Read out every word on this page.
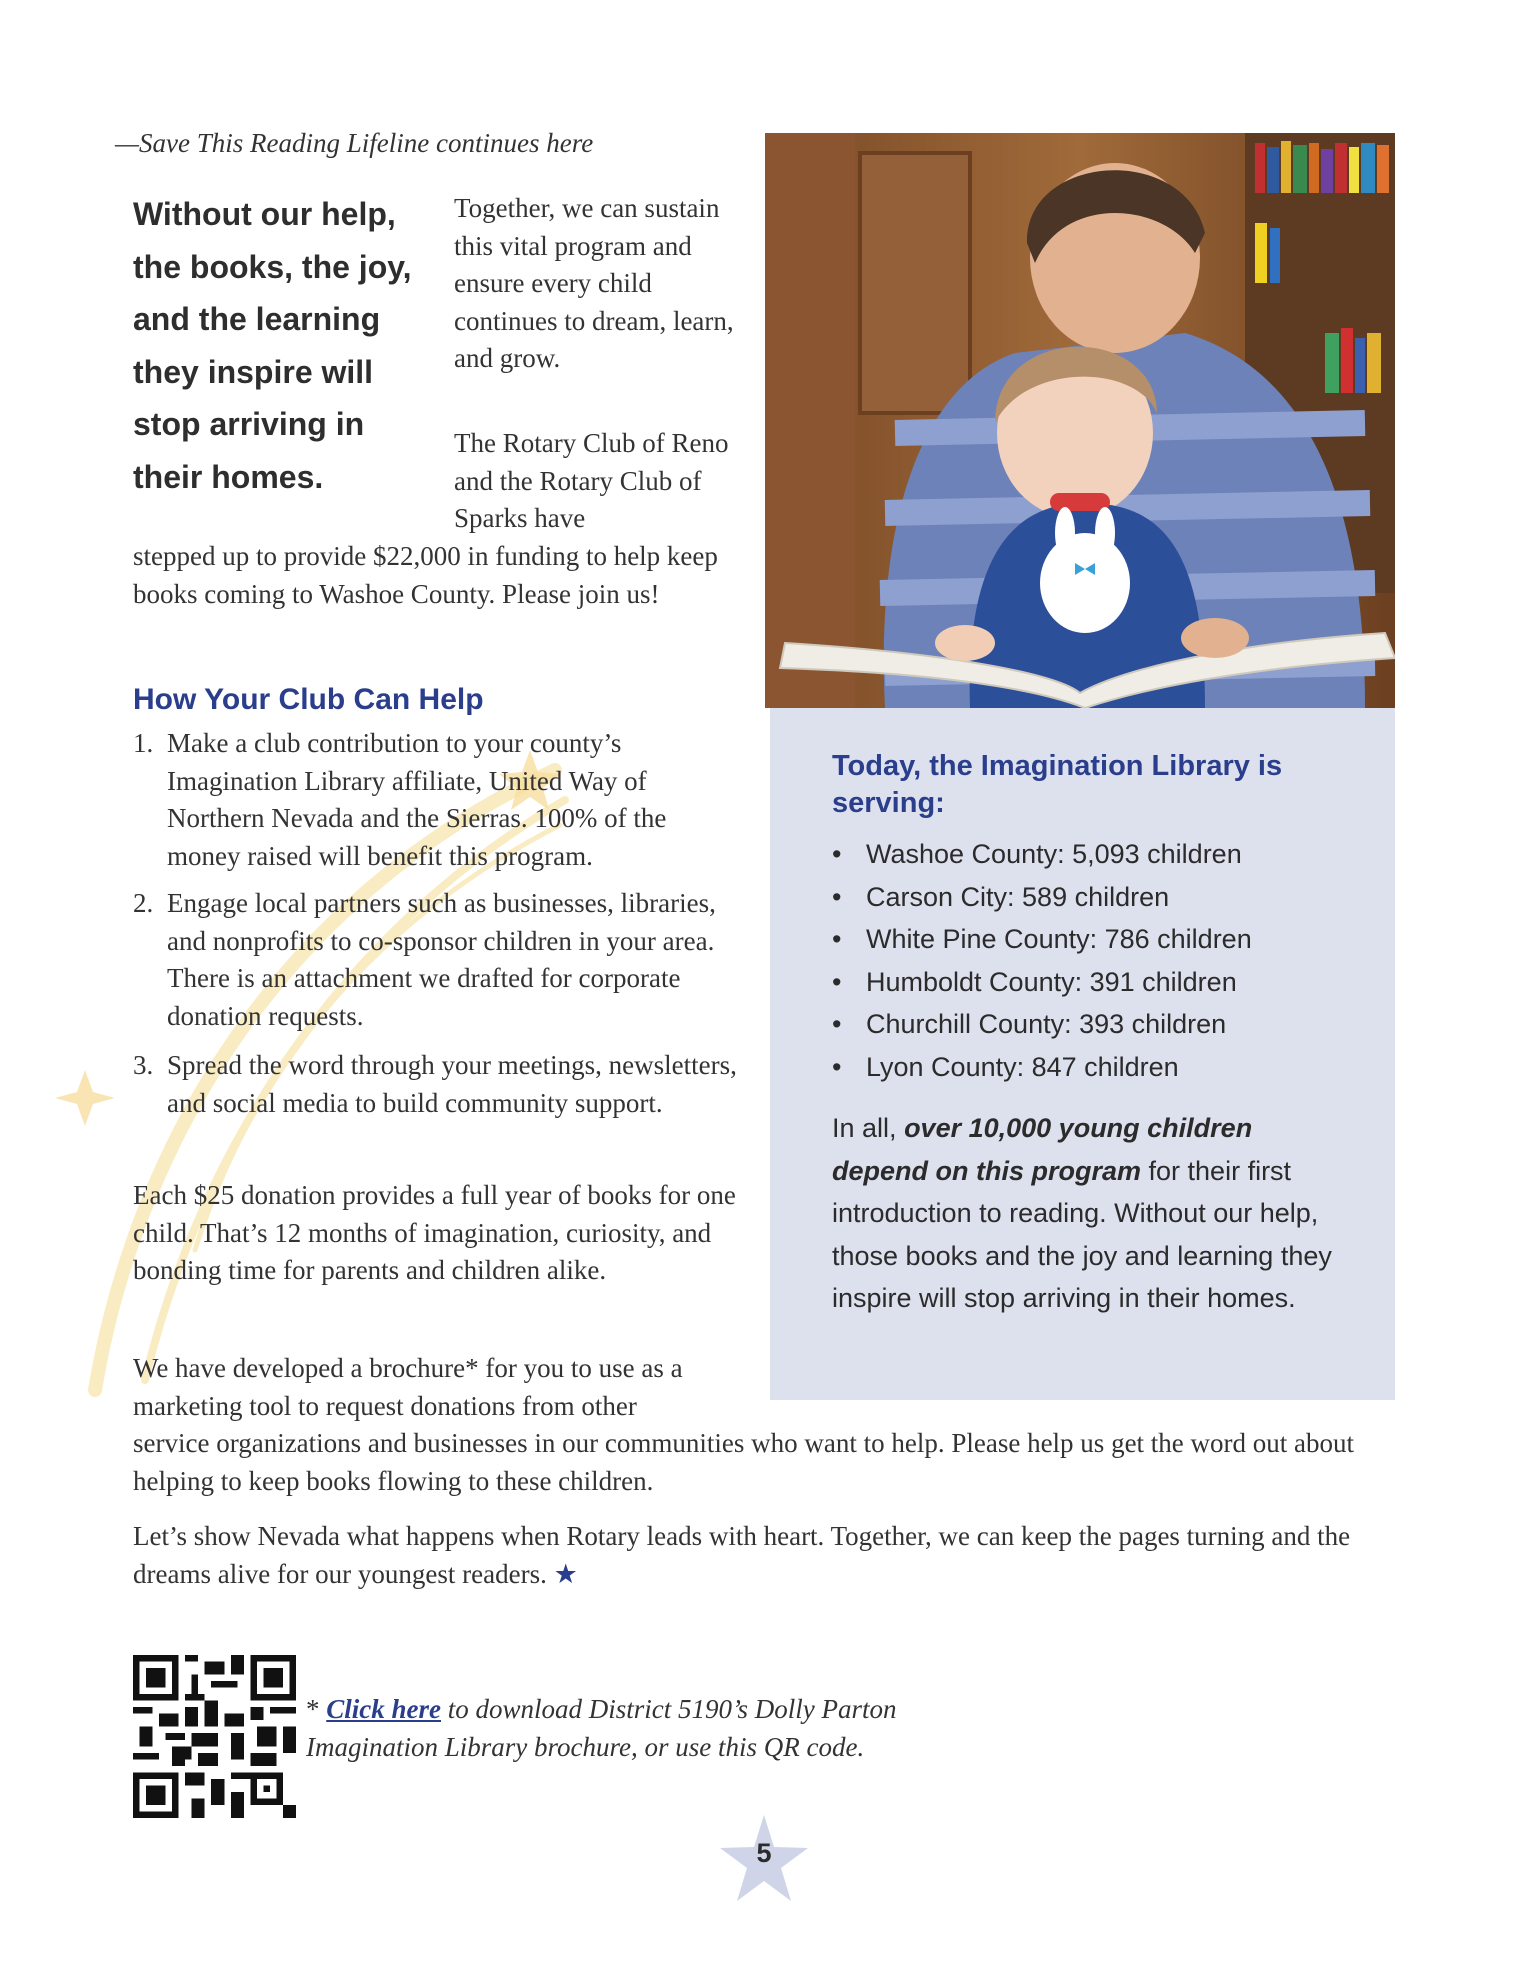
—Save This Reading Lifeline continues here
Without our help, the books, the joy, and the learning they inspire will stop arriving in their homes.

Together, we can sustain this vital program and ensure every child continues to dream, learn, and grow.

The Rotary Club of Reno and the Rotary Club of Sparks have

stepped up to provide $22,000 in funding to help keep books coming to Washoe County. Please join us!

How Your Club Can Help
1. Make a club contribution to your county’s Imagination Library affiliate, United Way of Northern Nevada and the Sierras. 100% of the money raised will benefit this program.
2. Engage local partners such as businesses, libraries, and nonprofits to co-sponsor children in your area. There is an attachment we drafted for corporate donation requests.
3. Spread the word through your meetings, newsletters, and social media to build community support.

Each $25 donation provides a full year of books for one child. That’s 12 months of imagination, curiosity, and bonding time for parents and children alike.

We have developed a brochure* for you to use as a marketing tool to request donations from other

service organizations and businesses in our communities who want to help. Please help us get the word out about helping to keep books flowing to these children.

Let’s show Nevada what happens when Rotary leads with heart. Together, we can keep the pages turning and the dreams alive for our youngest readers. ★

Today, the Imagination Library is serving:
• Washoe County: 5,093 children
• Carson City: 589 children
• White Pine County: 786 children
• Humboldt County: 391 children
• Churchill County: 393 children
• Lyon County: 847 children
In all, over 10,000 young children depend on this program for their first introduction to reading. Without our help, those books and the joy and learning they inspire will stop arriving in their homes.
* Click here to download District 5190’s Dolly Parton Imagination Library brochure, or use this QR code.
5
